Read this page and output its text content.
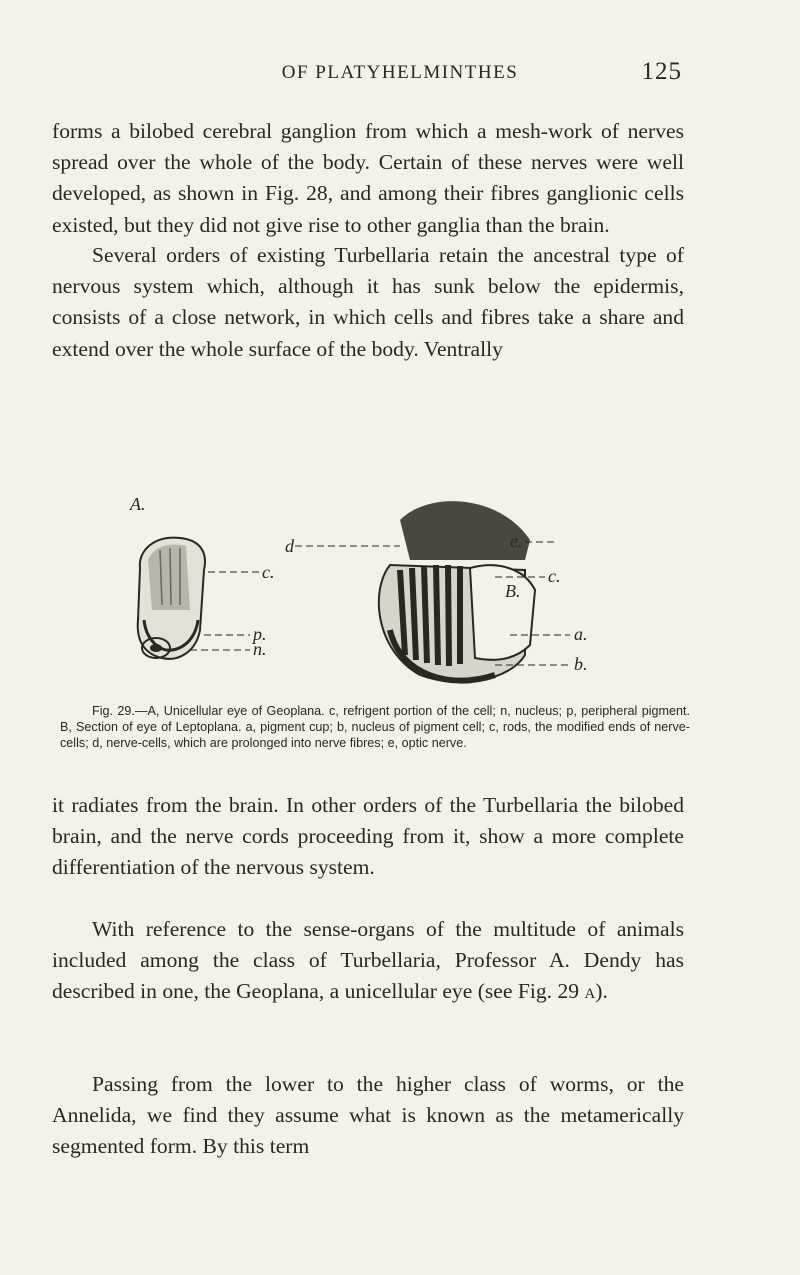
OF PLATYHELMINTHES	125

forms a bilobed cerebral ganglion from which a mesh-work of nerves spread over the whole of the body. Certain of these nerves were well developed, as shown in Fig. 28, and among their fibres ganglionic cells existed, but they did not give rise to other ganglia than the brain.

Several orders of existing Turbellaria retain the ancestral type of nervous system which, although it has sunk below the epidermis, consists of a close network, in which cells and fibres take a share and extend over the whole surface of the body. Ventrally

A.
c.
p.
n.
d	e.
c.
B.
a.
b.

Fig. 29.—A, Unicellular eye of Geoplana. c, refrigent portion of the cell; n, nucleus; p, peripheral pigment. B, Section of eye of Leptoplana. a, pigment cup; b, nucleus of pigment cell; c, rods, the modified ends of nerve-cells; d, nerve-cells, which are prolonged into nerve fibres; e, optic nerve.

it radiates from the brain. In other orders of the Turbellaria the bilobed brain, and the nerve cords proceeding from it, show a more complete differentiation of the nervous system.

With reference to the sense-organs of the multitude of animals included among the class of Turbellaria, Professor A. Dendy has described in one, the Geoplana, a unicellular eye (see Fig. 29 a).

Passing from the lower to the higher class of worms, or the Annelida, we find they assume what is known as the metamerically segmented form. By this term
